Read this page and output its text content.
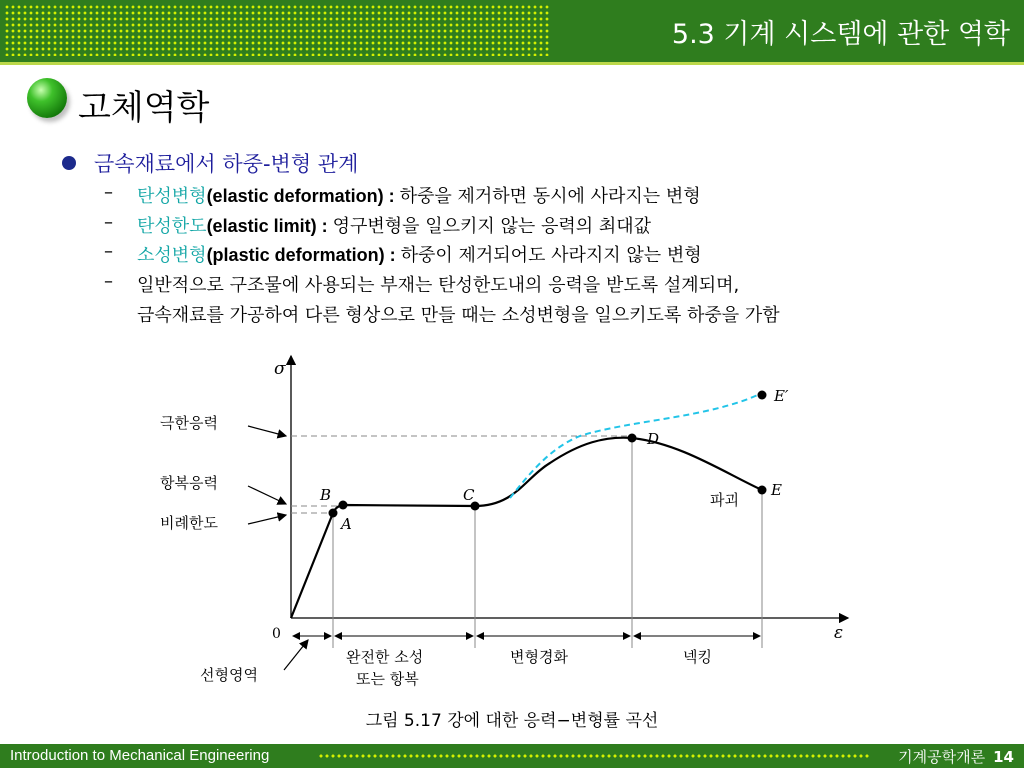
5.3 기계 시스템에 관한 역학
고체역학
금속재료에서 하중-변형 관계
– 탄성변형(elastic deformation) : 하중을 제거하면 동시에 사라지는 변형
– 탄성한도(elastic limit) : 영구변형을 일으키지 않는 응력의 최대값
– 소성변형(plastic deformation) : 하중이 제거되어도 사라지지 않는 변형
– 일반적으로 구조물에 사용되는 부재는 탄성한도내의 응력을 받도록 설계되며,
금속재료를 가공하여 다른 형상으로 만들 때는 소성변형을 일으키도록 하중을 가함
σ
ε
0
A
B	C
D
E
E′
파괴
극한응력
항복응력
비례한도
완전한 소성
또는 항복
변형경화	넥킹
선형영역
그림 5.17 강에 대한 응력−변형률 곡선
Introduction to Mechanical Engineering	기계공학개론 14
